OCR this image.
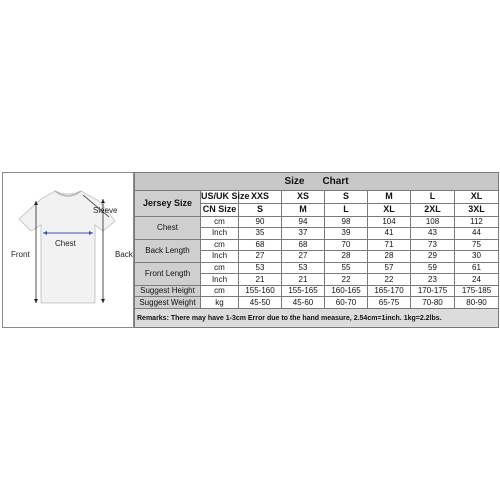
Sleeve
Chest
Front	Back
Size Chart							
Jersey Size	US/UK Size	XXS	XS	S	M	L	XL
	CN Size	S	M	L	XL	2XL	3XL
Chest	cm	90	94	98	104	108	112
	Inch	35	37	39	41	43	44
Back Length	cm	68	68	70	71	73	75
	Inch	27	27	28	28	29	30
Front Length	cm	53	53	55	57	59	61
	Inch	21	21	22	22	23	24
Suggest Height	cm	155-160	155-165	160-165	165-170	170-175	175-185
Suggest Weight	kg	45-50	45-60	60-70	65-75	70-80	80-90
Remarks: There may have 1-3cm Error due to the hand measure, 2.54cm=1inch. 1kg=2.2lbs.							
